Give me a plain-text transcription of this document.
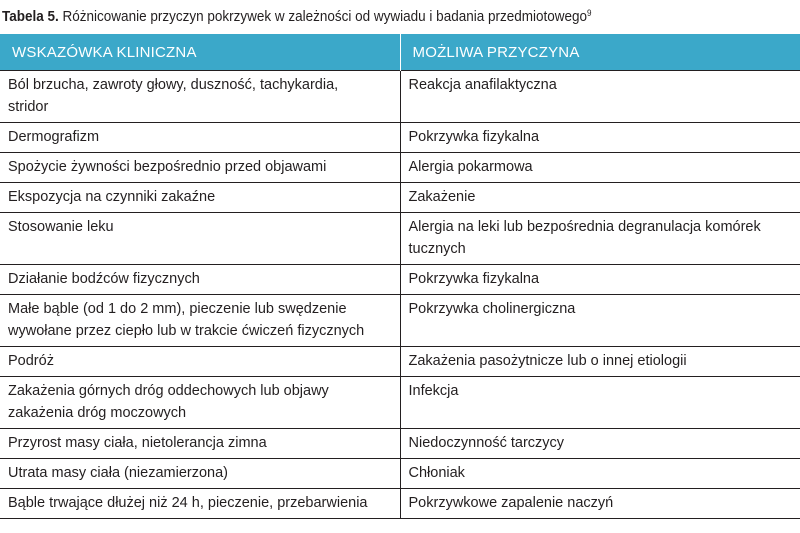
Tabela 5. Różnicowanie przyczyn pokrzywek w zależności od wywiadu i badania przedmiotowego$^9$
WSKAZÓWKA KLINICZNA	MOŻLIWA PRZYCZYNA

Ból brzucha, zawroty głowy, duszność, tachykardia,
stridor	Reakcja anafilaktyczna

Dermografizm	Pokrzywka fizykalna

Spożycie żywności bezpośrednio przed objawami	Alergia pokarmowa

Ekspozycja na czynniki zakaźne	Zakażenie

Stosowanie leku	Alergia na leki lub bezpośrednia degranulacja komórek
tucznych

Działanie bodźców fizycznych	Pokrzywka fizykalna

Małe bąble (od 1 do 2 mm), pieczenie lub swędzenie
wywołane przez ciepło lub w trakcie ćwiczeń fizycznych	Pokrzywka cholinergiczna

Podróż	Zakażenia pasożytnicze lub o innej etiologii

Zakażenia górnych dróg oddechowych lub objawy
zakażenia dróg moczowych	Infekcja

Przyrost masy ciała, nietolerancja zimna	Niedoczynność tarczycy

Utrata masy ciała (niezamierzona)	Chłoniak

Bąble trwające dłużej niż 24 h, pieczenie, przebarwienia	Pokrzywkowe zapalenie naczyń
